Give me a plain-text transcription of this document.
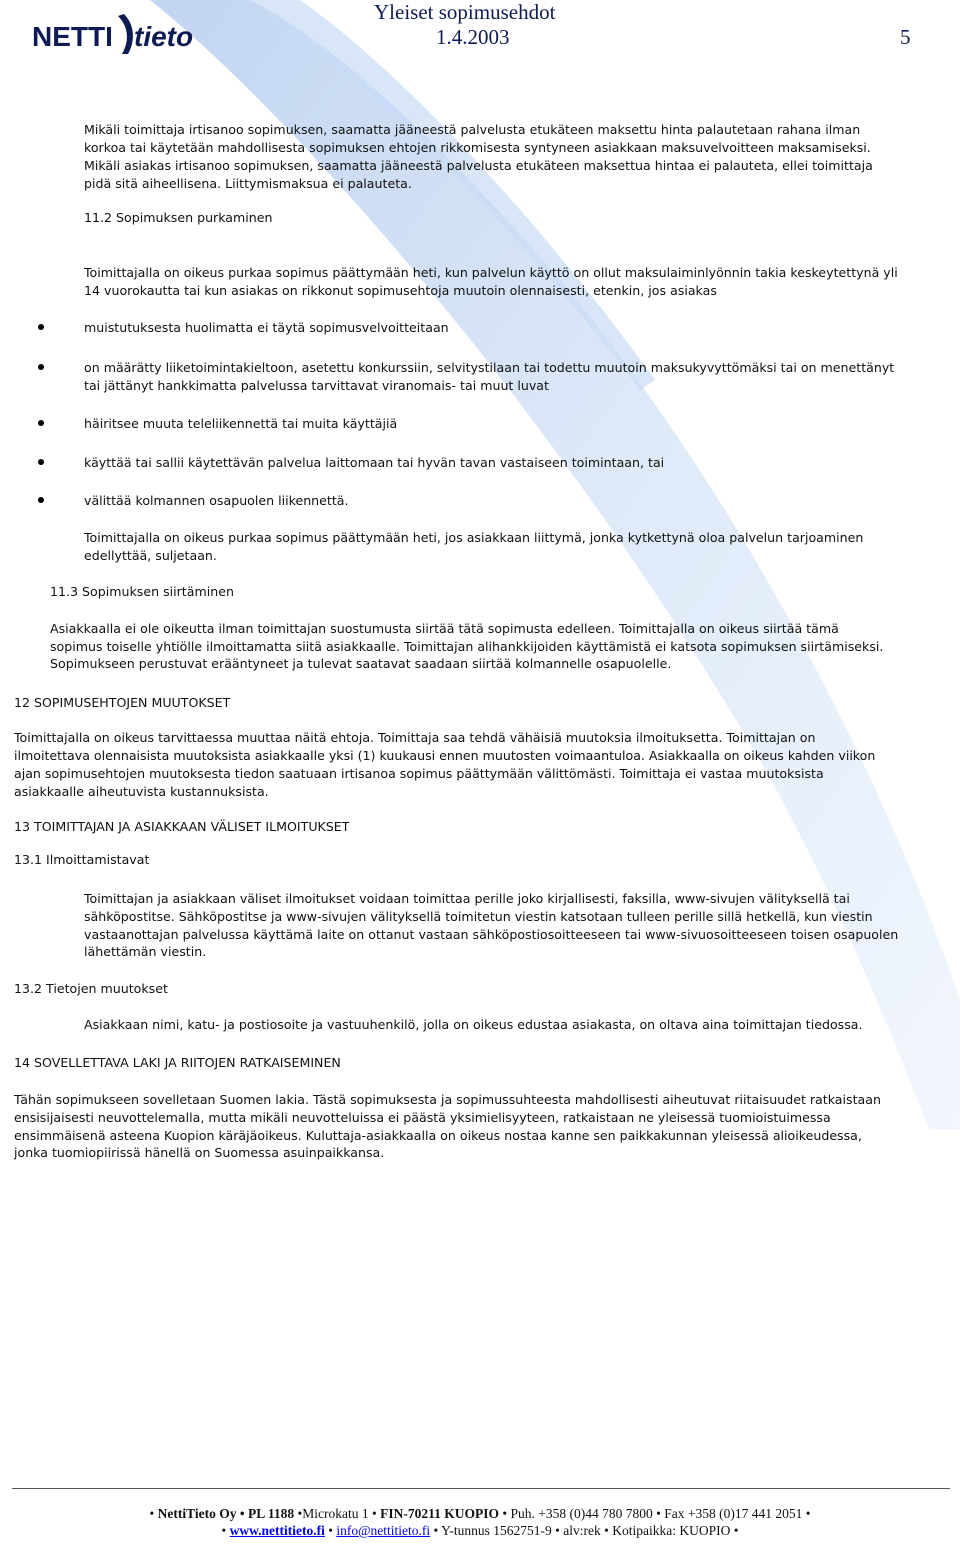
NETTI tieto
Yleiset sopimusehdot
1.4.2003	5

Mikäli toimittaja irtisanoo sopimuksen, saamatta jääneestä palvelusta etukäteen maksettu hinta palautetaan rahana ilman

korkoa tai käytetään mahdollisesta sopimuksen ehtojen rikkomisesta syntyneen asiakkaan maksuvelvoitteen maksamiseksi.

Mikäli asiakas irtisanoo sopimuksen, saamatta jääneestä palvelusta etukäteen maksettua hintaa ei palauteta, ellei toimittaja

pidä sitä aiheellisena. Liittymismaksua ei palauteta.

11.2 Sopimuksen purkaminen

Toimittajalla on oikeus purkaa sopimus päättymään heti, kun palvelun käyttö on ollut maksulaiminlyönnin takia keskeytettynä yli

14 vuorokautta tai kun asiakas on rikkonut sopimusehtoja muutoin olennaisesti, etenkin, jos asiakas

muistutuksesta huolimatta ei täytä sopimusvelvoitteitaan

on määrätty liiketoimintakieltoon, asetettu konkurssiin, selvitystilaan tai todettu muutoin maksukyvyttömäksi tai on menettänyt

tai jättänyt hankkimatta palvelussa tarvittavat viranomais- tai muut luvat

häiritsee muuta teleliikennettä tai muita käyttäjiä

käyttää tai sallii käytettävän palvelua laittomaan tai hyvän tavan vastaiseen toimintaan, tai

välittää kolmannen osapuolen liikennettä.

Toimittajalla on oikeus purkaa sopimus päättymään heti, jos asiakkaan liittymä, jonka kytkettynä oloa palvelun tarjoaminen

edellyttää, suljetaan.

11.3 Sopimuksen siirtäminen

Asiakkaalla ei ole oikeutta ilman toimittajan suostumusta siirtää tätä sopimusta edelleen. Toimittajalla on oikeus siirtää tämä

sopimus toiselle yhtiölle ilmoittamatta siitä asiakkaalle. Toimittajan alihankkijoiden käyttämistä ei katsota sopimuksen siirtämiseksi.

Sopimukseen perustuvat erääntyneet ja tulevat saatavat saadaan siirtää kolmannelle osapuolelle.

12 SOPIMUSEHTOJEN MUUTOKSET

Toimittajalla on oikeus tarvittaessa muuttaa näitä ehtoja. Toimittaja saa tehdä vähäisiä muutoksia ilmoituksetta. Toimittajan on

ilmoitettava olennaisista muutoksista asiakkaalle yksi (1) kuukausi ennen muutosten voimaantuloa. Asiakkaalla on oikeus kahden viikon

ajan sopimusehtojen muutoksesta tiedon saatuaan irtisanoa sopimus päättymään välittömästi. Toimittaja ei vastaa muutoksista

asiakkaalle aiheutuvista kustannuksista.

13 TOIMITTAJAN JA ASIAKKAAN VÄLISET ILMOITUKSET
13.1 Ilmoittamistavat

Toimittajan ja asiakkaan väliset ilmoitukset voidaan toimittaa perille joko kirjallisesti, faksilla, www-sivujen välityksellä tai

sähköpostitse. Sähköpostitse ja www-sivujen välityksellä toimitetun viestin katsotaan tulleen perille sillä hetkellä, kun viestin

vastaanottajan palvelussa käyttämä laite on ottanut vastaan sähköpostiosoitteeseen tai www-sivuosoitteeseen toisen osapuolen

lähettämän viestin.

13.2 Tietojen muutokset

Asiakkaan nimi, katu- ja postiosoite ja vastuuhenkilö, jolla on oikeus edustaa asiakasta, on oltava aina toimittajan tiedossa.

14 SOVELLETTAVA LAKI JA RIITOJEN RATKAISEMINEN

Tähän sopimukseen sovelletaan Suomen lakia. Tästä sopimuksesta ja sopimussuhteesta mahdollisesti aiheutuvat riitaisuudet ratkaistaan

ensisijaisesti neuvottelemalla, mutta mikäli neuvotteluissa ei päästä yksimielisyyteen, ratkaistaan ne yleisessä tuomioistuimessa

ensimmäisenä asteena Kuopion käräjäoikeus. Kuluttaja-asiakkaalla on oikeus nostaa kanne sen paikkakunnan yleisessä alioikeudessa,

jonka tuomiopiirissä hänellä on Suomessa asuinpaikkansa.

• NettiTieto Oy • PL 1188 •Microkatu 1 • FIN-70211 KUOPIO • Puh. +358 (0)44 780 7800 • Fax +358 (0)17 441 2051 •
• www.nettitieto.fi • info@nettitieto.fi • Y-tunnus 1562751-9 • alv:rek • Kotipaikka: KUOPIO •
